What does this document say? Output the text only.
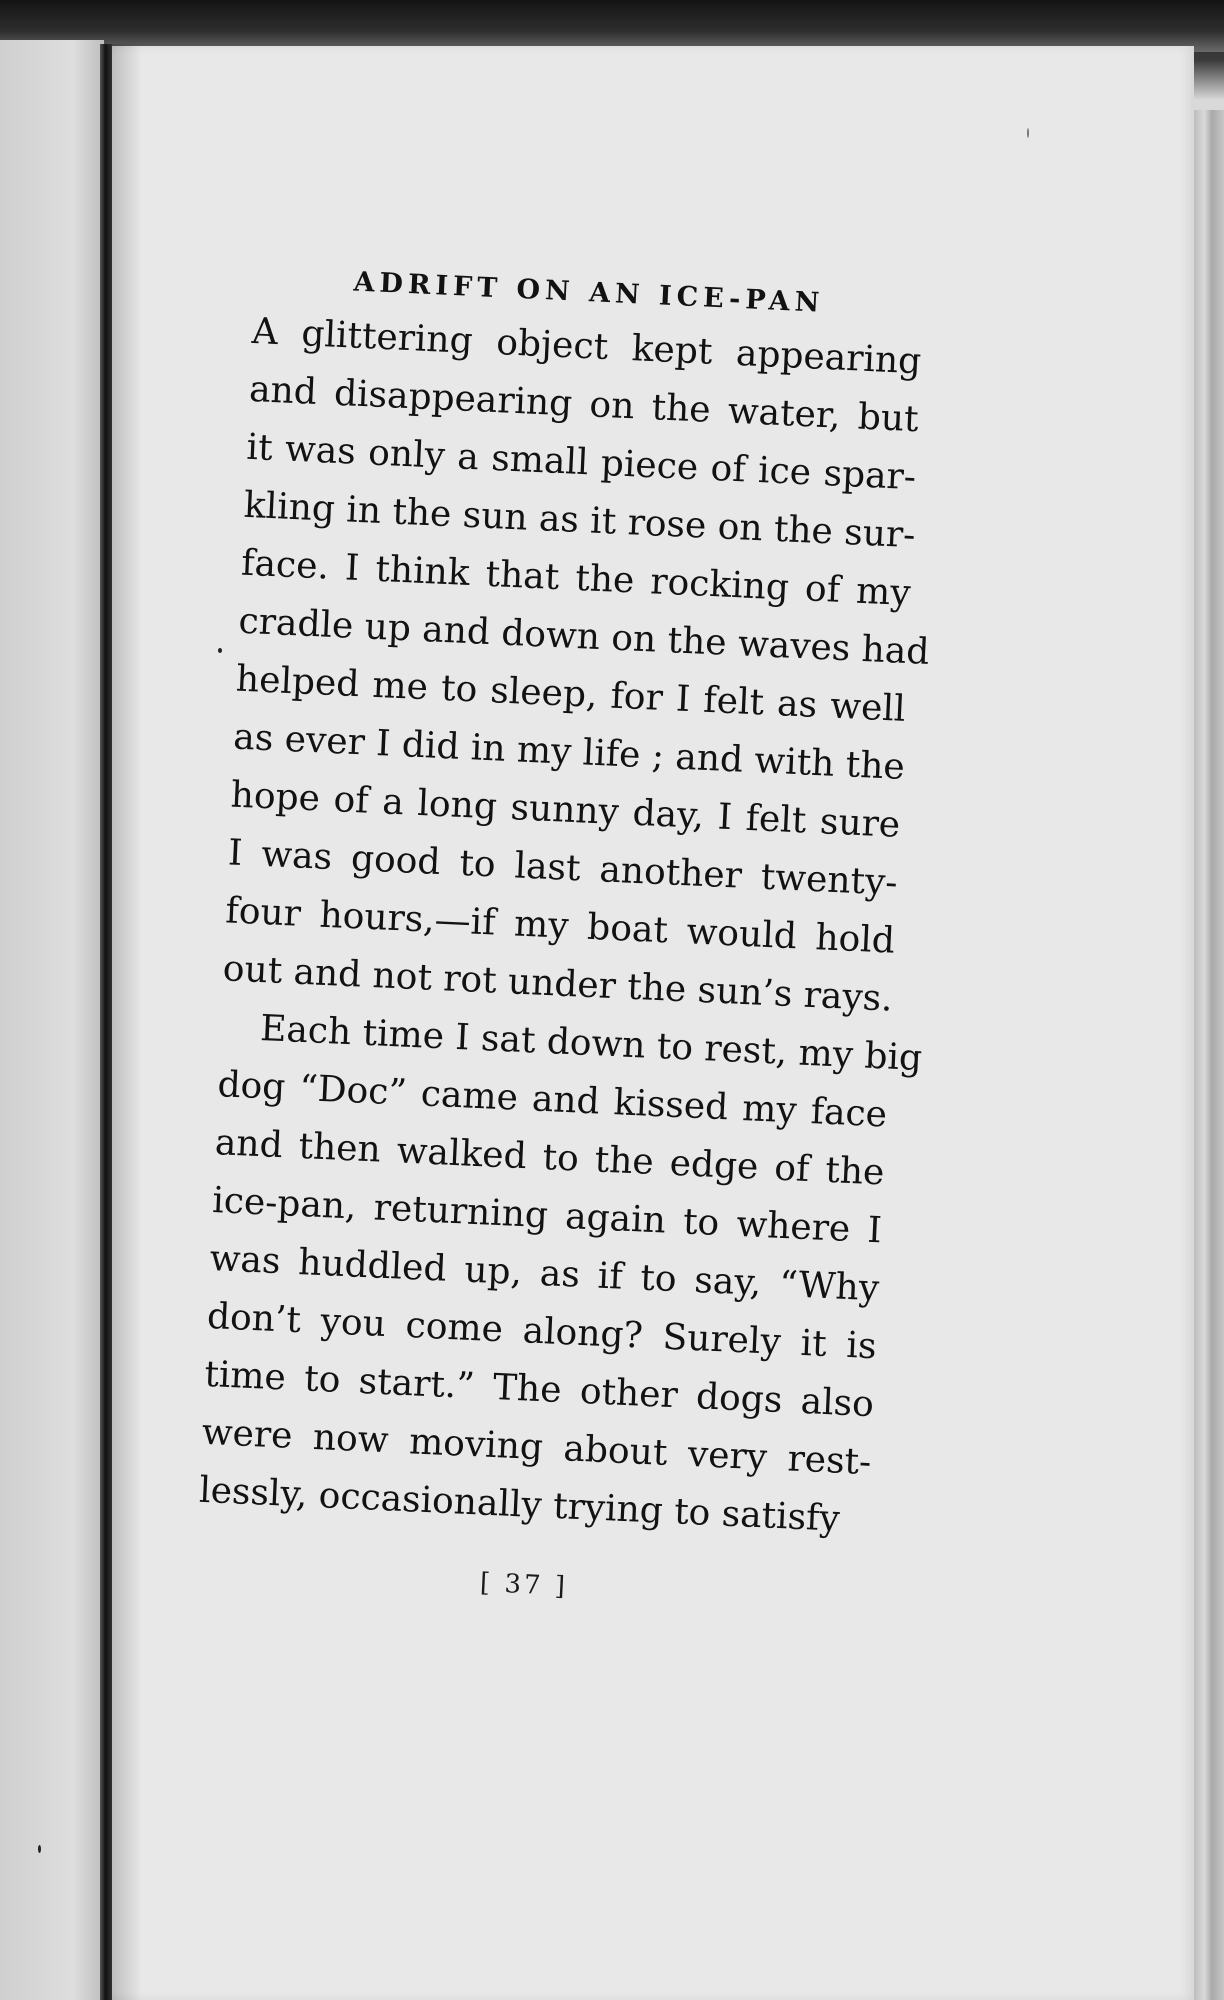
ADRIFT ON AN ICE-PAN
A glittering object kept appearing
and disappearing on the water, but
it was only a small piece of ice spar-
kling in the sun as it rose on the sur-
face. I think that the rocking of my
cradle up and down on the waves had
helped me to sleep, for I felt as well
as ever I did in my life ; and with the
hope of a long sunny day, I felt sure
I was good to last another twenty-
four hours,—if my boat would hold
out and not rot under the sun’s rays.
Each time I sat down to rest, my big
dog “Doc” came and kissed my face
and then walked to the edge of the
ice-pan, returning again to where I
was huddled up, as if to say, “Why
don’t you come along? Surely it is
time to start.” The other dogs also
were now moving about very rest-
lessly, occasionally trying to satisfy
[ 37 ]
